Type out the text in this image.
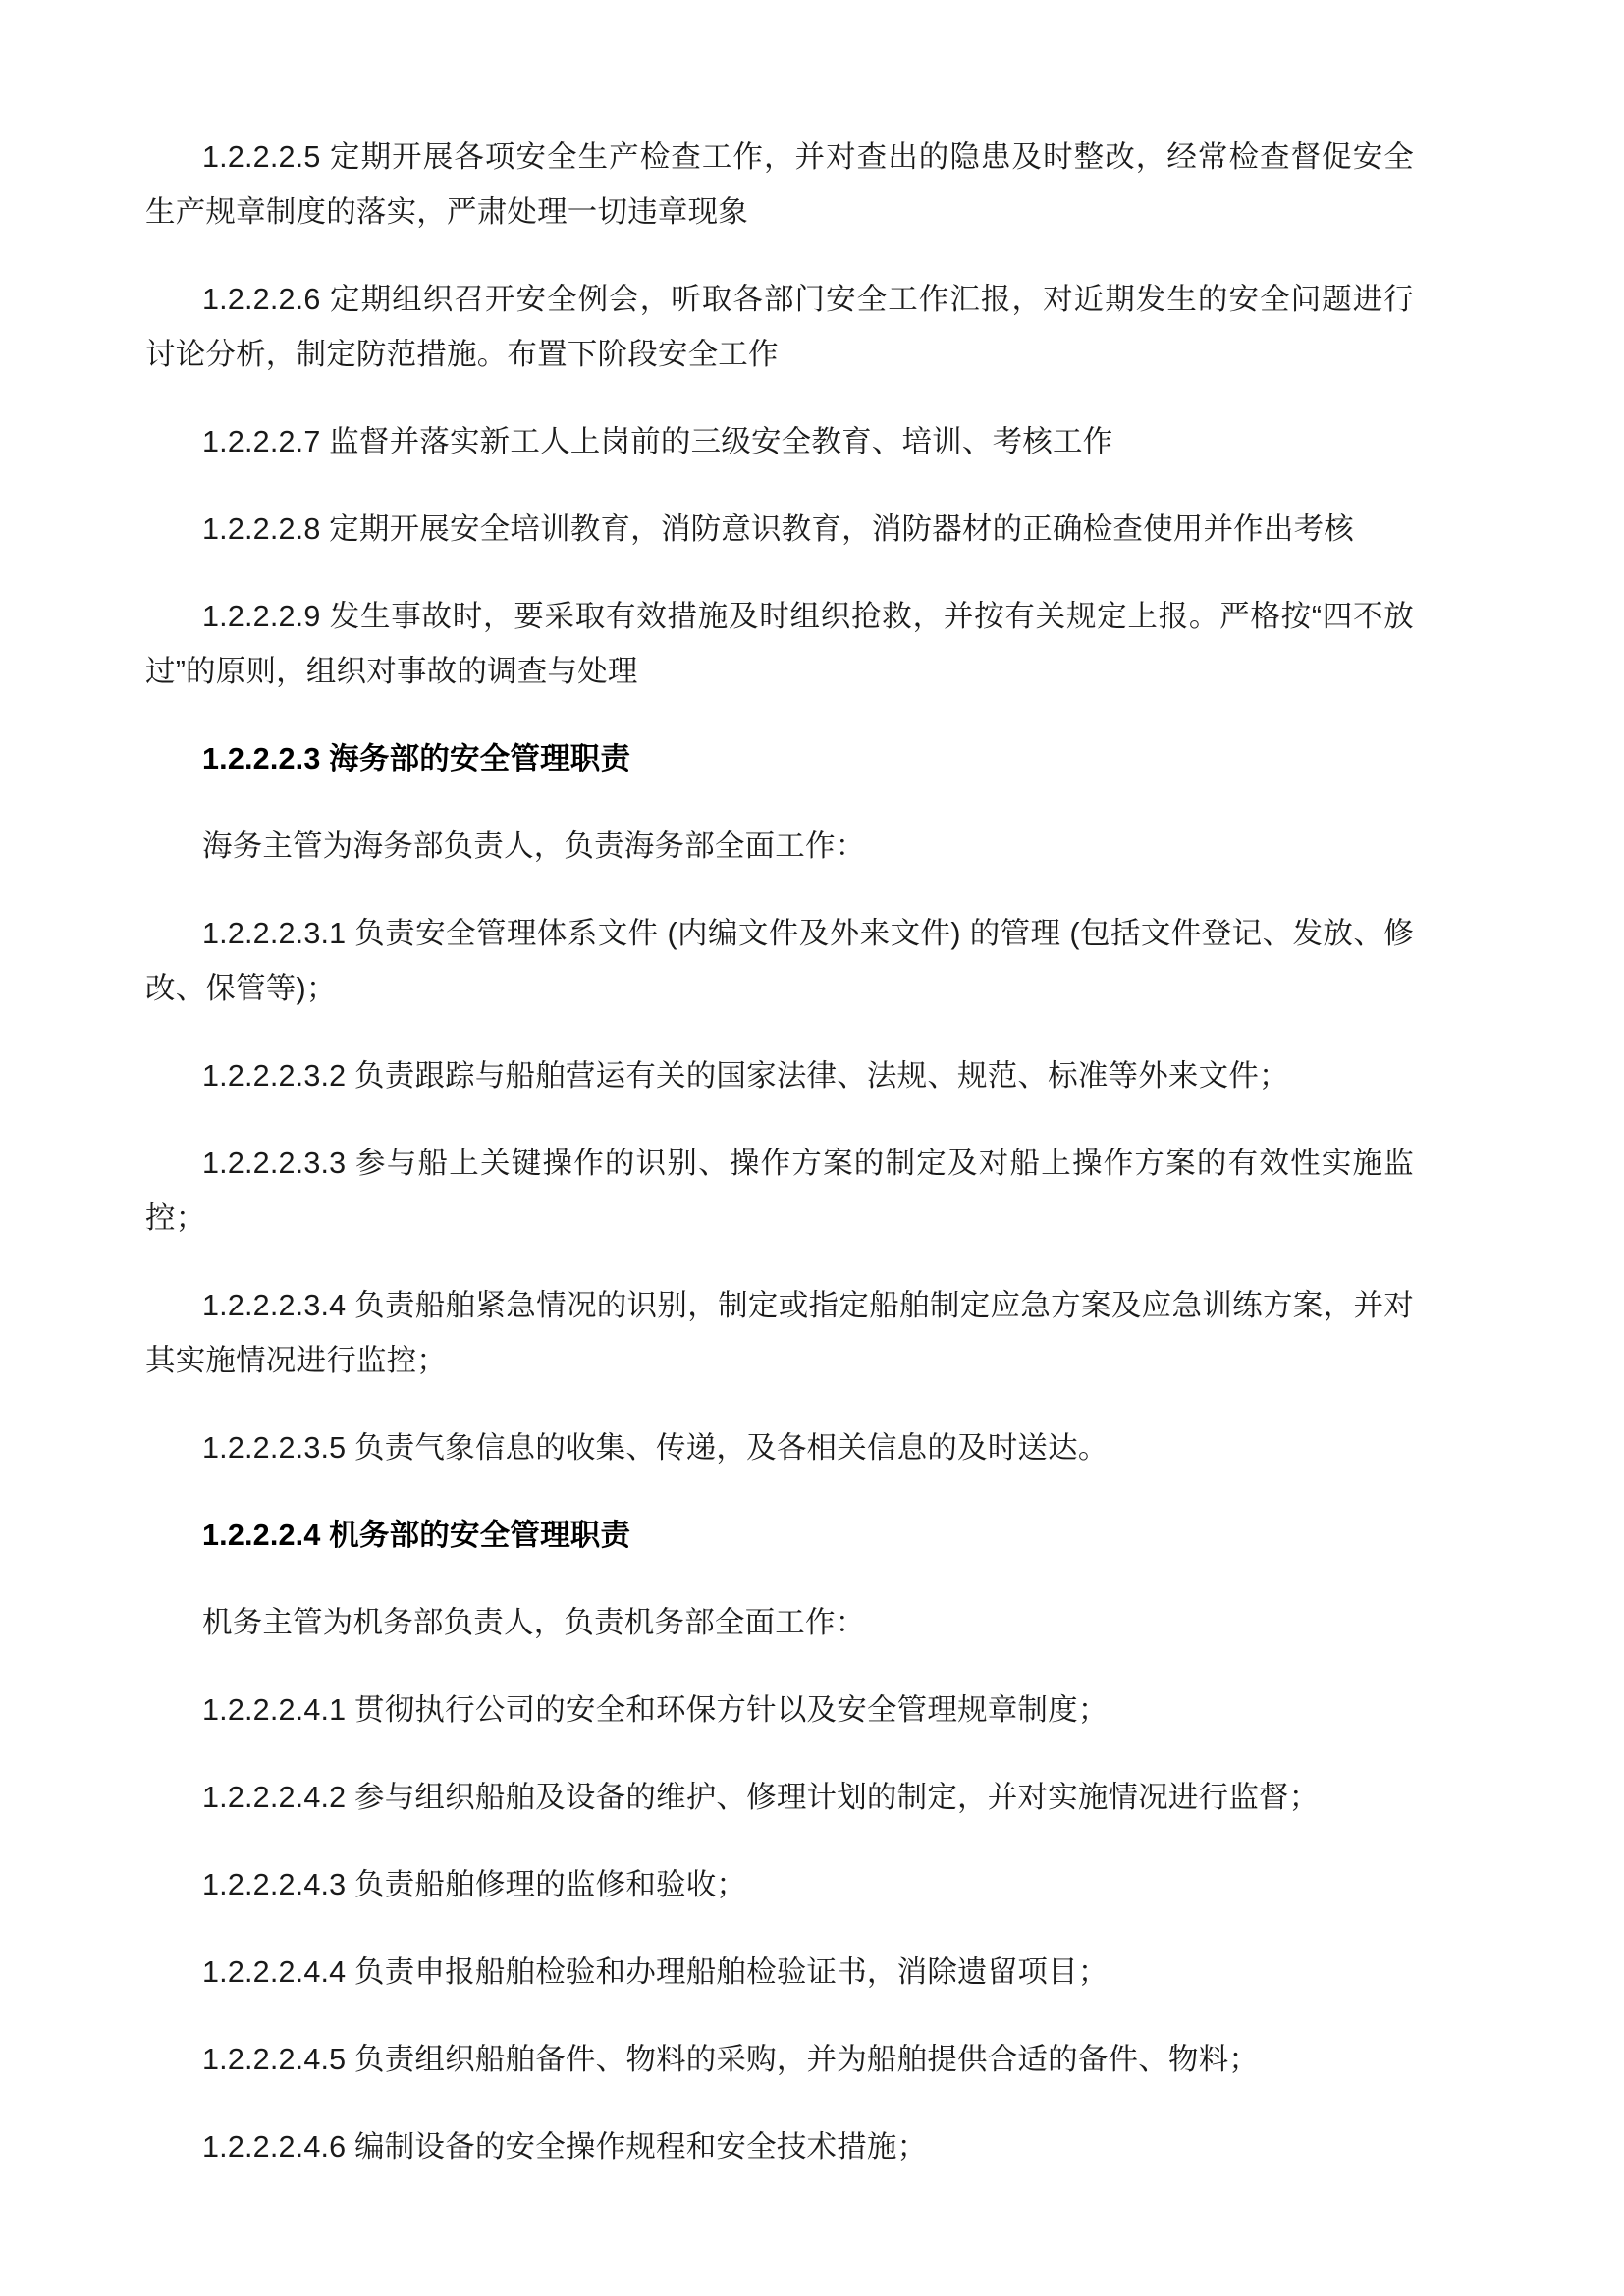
1.2.2.2.5 定期开展各项安全生产检查工作，并对查出的隐患及时整改，经常检查督促安全生产规章制度的落实，严肃处理一切违章现象

1.2.2.2.6 定期组织召开安全例会，听取各部门安全工作汇报，对近期发生的安全问题进行讨论分析，制定防范措施。布置下阶段安全工作

1.2.2.2.7 监督并落实新工人上岗前的三级安全教育、培训、考核工作

1.2.2.2.8 定期开展安全培训教育，消防意识教育，消防器材的正确检查使用并作出考核

1.2.2.2.9 发生事故时，要采取有效措施及时组织抢救，并按有关规定上报。严格按“四不放过”的原则，组织对事故的调查与处理

1.2.2.2.3 海务部的安全管理职责

海务主管为海务部负责人，负责海务部全面工作：

1.2.2.2.3.1 负责安全管理体系文件 (内编文件及外来文件) 的管理 (包括文件登记、发放、修改、保管等)；

1.2.2.2.3.2 负责跟踪与船舶营运有关的国家法律、法规、规范、标准等外来文件；

1.2.2.2.3.3 参与船上关键操作的识别、操作方案的制定及对船上操作方案的有效性实施监控；

1.2.2.2.3.4 负责船舶紧急情况的识别，制定或指定船舶制定应急方案及应急训练方案，并对其实施情况进行监控；

1.2.2.2.3.5 负责气象信息的收集、传递，及各相关信息的及时送达。

1.2.2.2.4 机务部的安全管理职责

机务主管为机务部负责人，负责机务部全面工作：

1.2.2.2.4.1 贯彻执行公司的安全和环保方针以及安全管理规章制度；

1.2.2.2.4.2 参与组织船舶及设备的维护、修理计划的制定，并对实施情况进行监督；

1.2.2.2.4.3 负责船舶修理的监修和验收；

1.2.2.2.4.4 负责申报船舶检验和办理船舶检验证书，消除遗留项目；

1.2.2.2.4.5 负责组织船舶备件、物料的采购，并为船舶提供合适的备件、物料；

1.2.2.2.4.6 编制设备的安全操作规程和安全技术措施；
